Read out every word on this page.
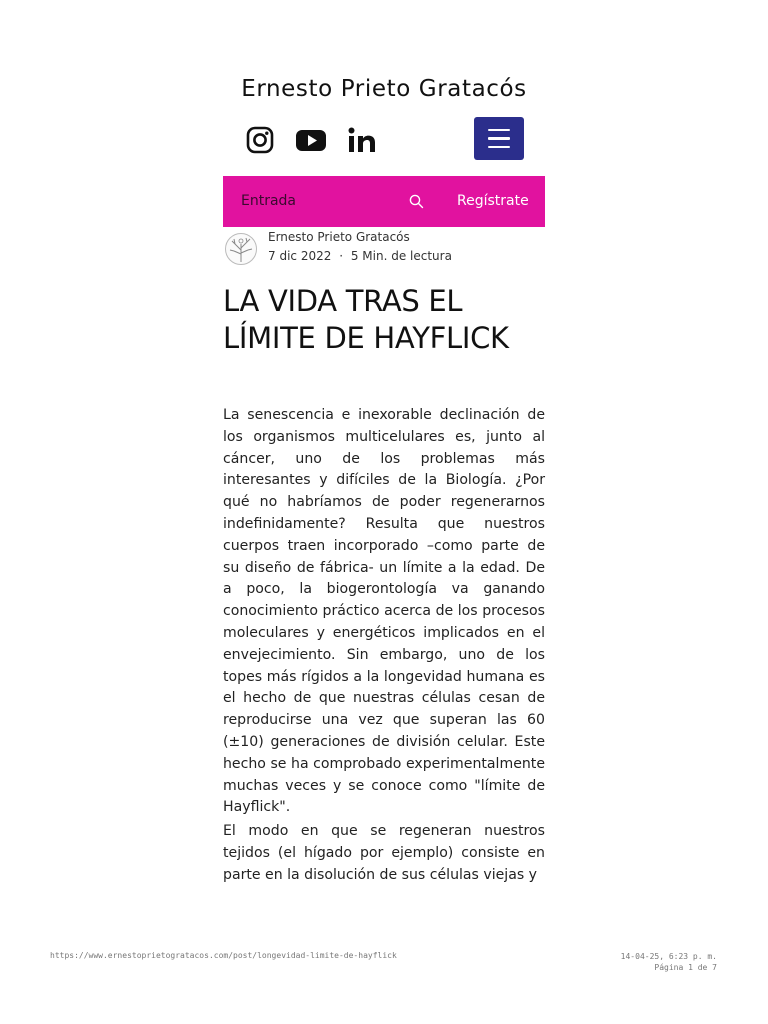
Ernesto Prieto Gratacós
Entrada	Regístrate
Ernesto Prieto Gratacós
7 dic 2022 · 5 Min. de lectura
LA VIDA TRAS EL
LÍMITE DE HAYFLICK

La senescencia e inexorable declinación de los organismos multicelulares es, junto al cáncer, uno de los problemas más interesantes y difíciles de la Biología. ¿Por qué no habríamos de poder regenerarnos indefinidamente? Resulta que nuestros cuerpos traen incorporado –como parte de su diseño de fábrica- un límite a la edad. De a poco, la biogerontología va ganando conocimiento práctico acerca de los procesos moleculares y energéticos implicados en el envejecimiento. Sin embargo, uno de los topes más rígidos a la longevidad humana es el hecho de que nuestras células cesan de reproducirse una vez que superan las 60 (±10) generaciones de división celular. Este hecho se ha comprobado experimentalmente muchas veces y se conoce como "límite de Hayflick".

El modo en que se regeneran nuestros tejidos (el hígado por ejemplo) consiste en parte en la disolución de sus células viejas y

https://www.ernestoprietogratacos.com/post/longevidad-limite-de-hayflick	14-04-25, 6:23 p. m.
Página 1 de 7
